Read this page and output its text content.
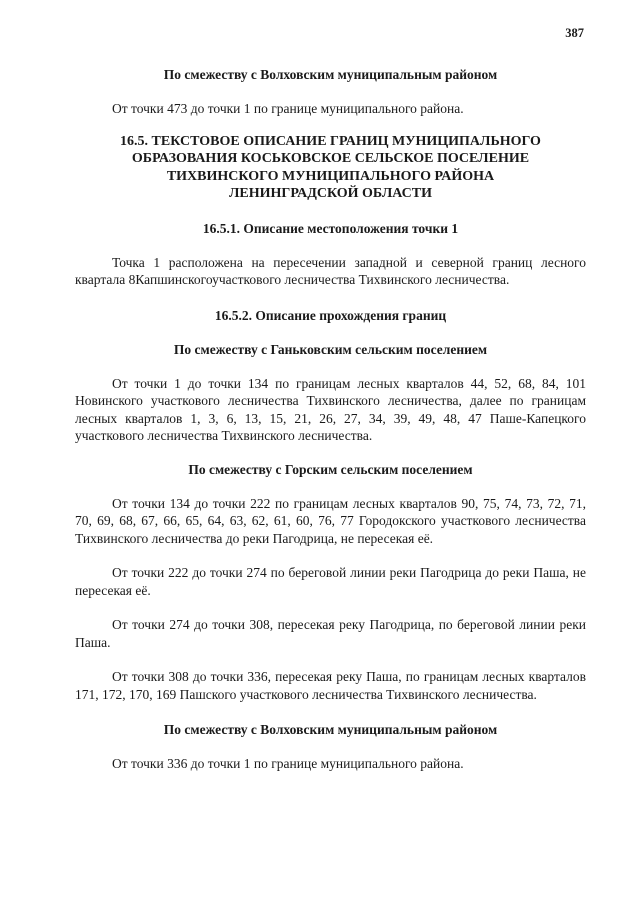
387
По смежеству с Волховским муниципальным районом

От точки 473 до точки 1 по границе муниципального района.

16.5. ТЕКСТОВОЕ ОПИСАНИЕ ГРАНИЦ МУНИЦИПАЛЬНОГО
ОБРАЗОВАНИЯ КОСЬКОВСКОЕ СЕЛЬСКОЕ ПОСЕЛЕНИЕ
ТИХВИНСКОГО МУНИЦИПАЛЬНОГО РАЙОНА
ЛЕНИНГРАДСКОЙ ОБЛАСТИ
16.5.1. Описание местоположения точки 1

Точка 1 расположена на пересечении западной и северной границ лесного квартала 8Капшинскогоучасткового лесничества Тихвинского лесничества.

16.5.2. Описание прохождения границ
По смежеству с Ганьковским сельским поселением

От точки 1 до точки 134 по границам лесных кварталов 44, 52, 68, 84, 101 Новинского участкового лесничества Тихвинского лесничества, далее по границам лесных кварталов 1, 3, 6, 13, 15, 21, 26, 27, 34, 39, 49, 48, 47 Паше-Капецкого участкового лесничества Тихвинского лесничества.

По смежеству с Горским сельским поселением

От точки 134 до точки 222 по границам лесных кварталов 90, 75, 74, 73, 72, 71, 70, 69, 68, 67, 66, 65, 64, 63, 62, 61, 60, 76, 77 Городокского участкового лесничества Тихвинского лесничества до реки Пагодрица, не пересекая её.

От точки 222 до точки 274 по береговой линии реки Пагодрица до реки Паша, не пересекая её.

От точки 274 до точки 308, пересекая реку Пагодрица, по береговой линии реки Паша.

От точки 308 до точки 336, пересекая реку Паша, по границам лесных кварталов 171, 172, 170, 169 Пашского участкового лесничества Тихвинского лесничества.

По смежеству с Волховским муниципальным районом

От точки 336 до точки 1 по границе муниципального района.
